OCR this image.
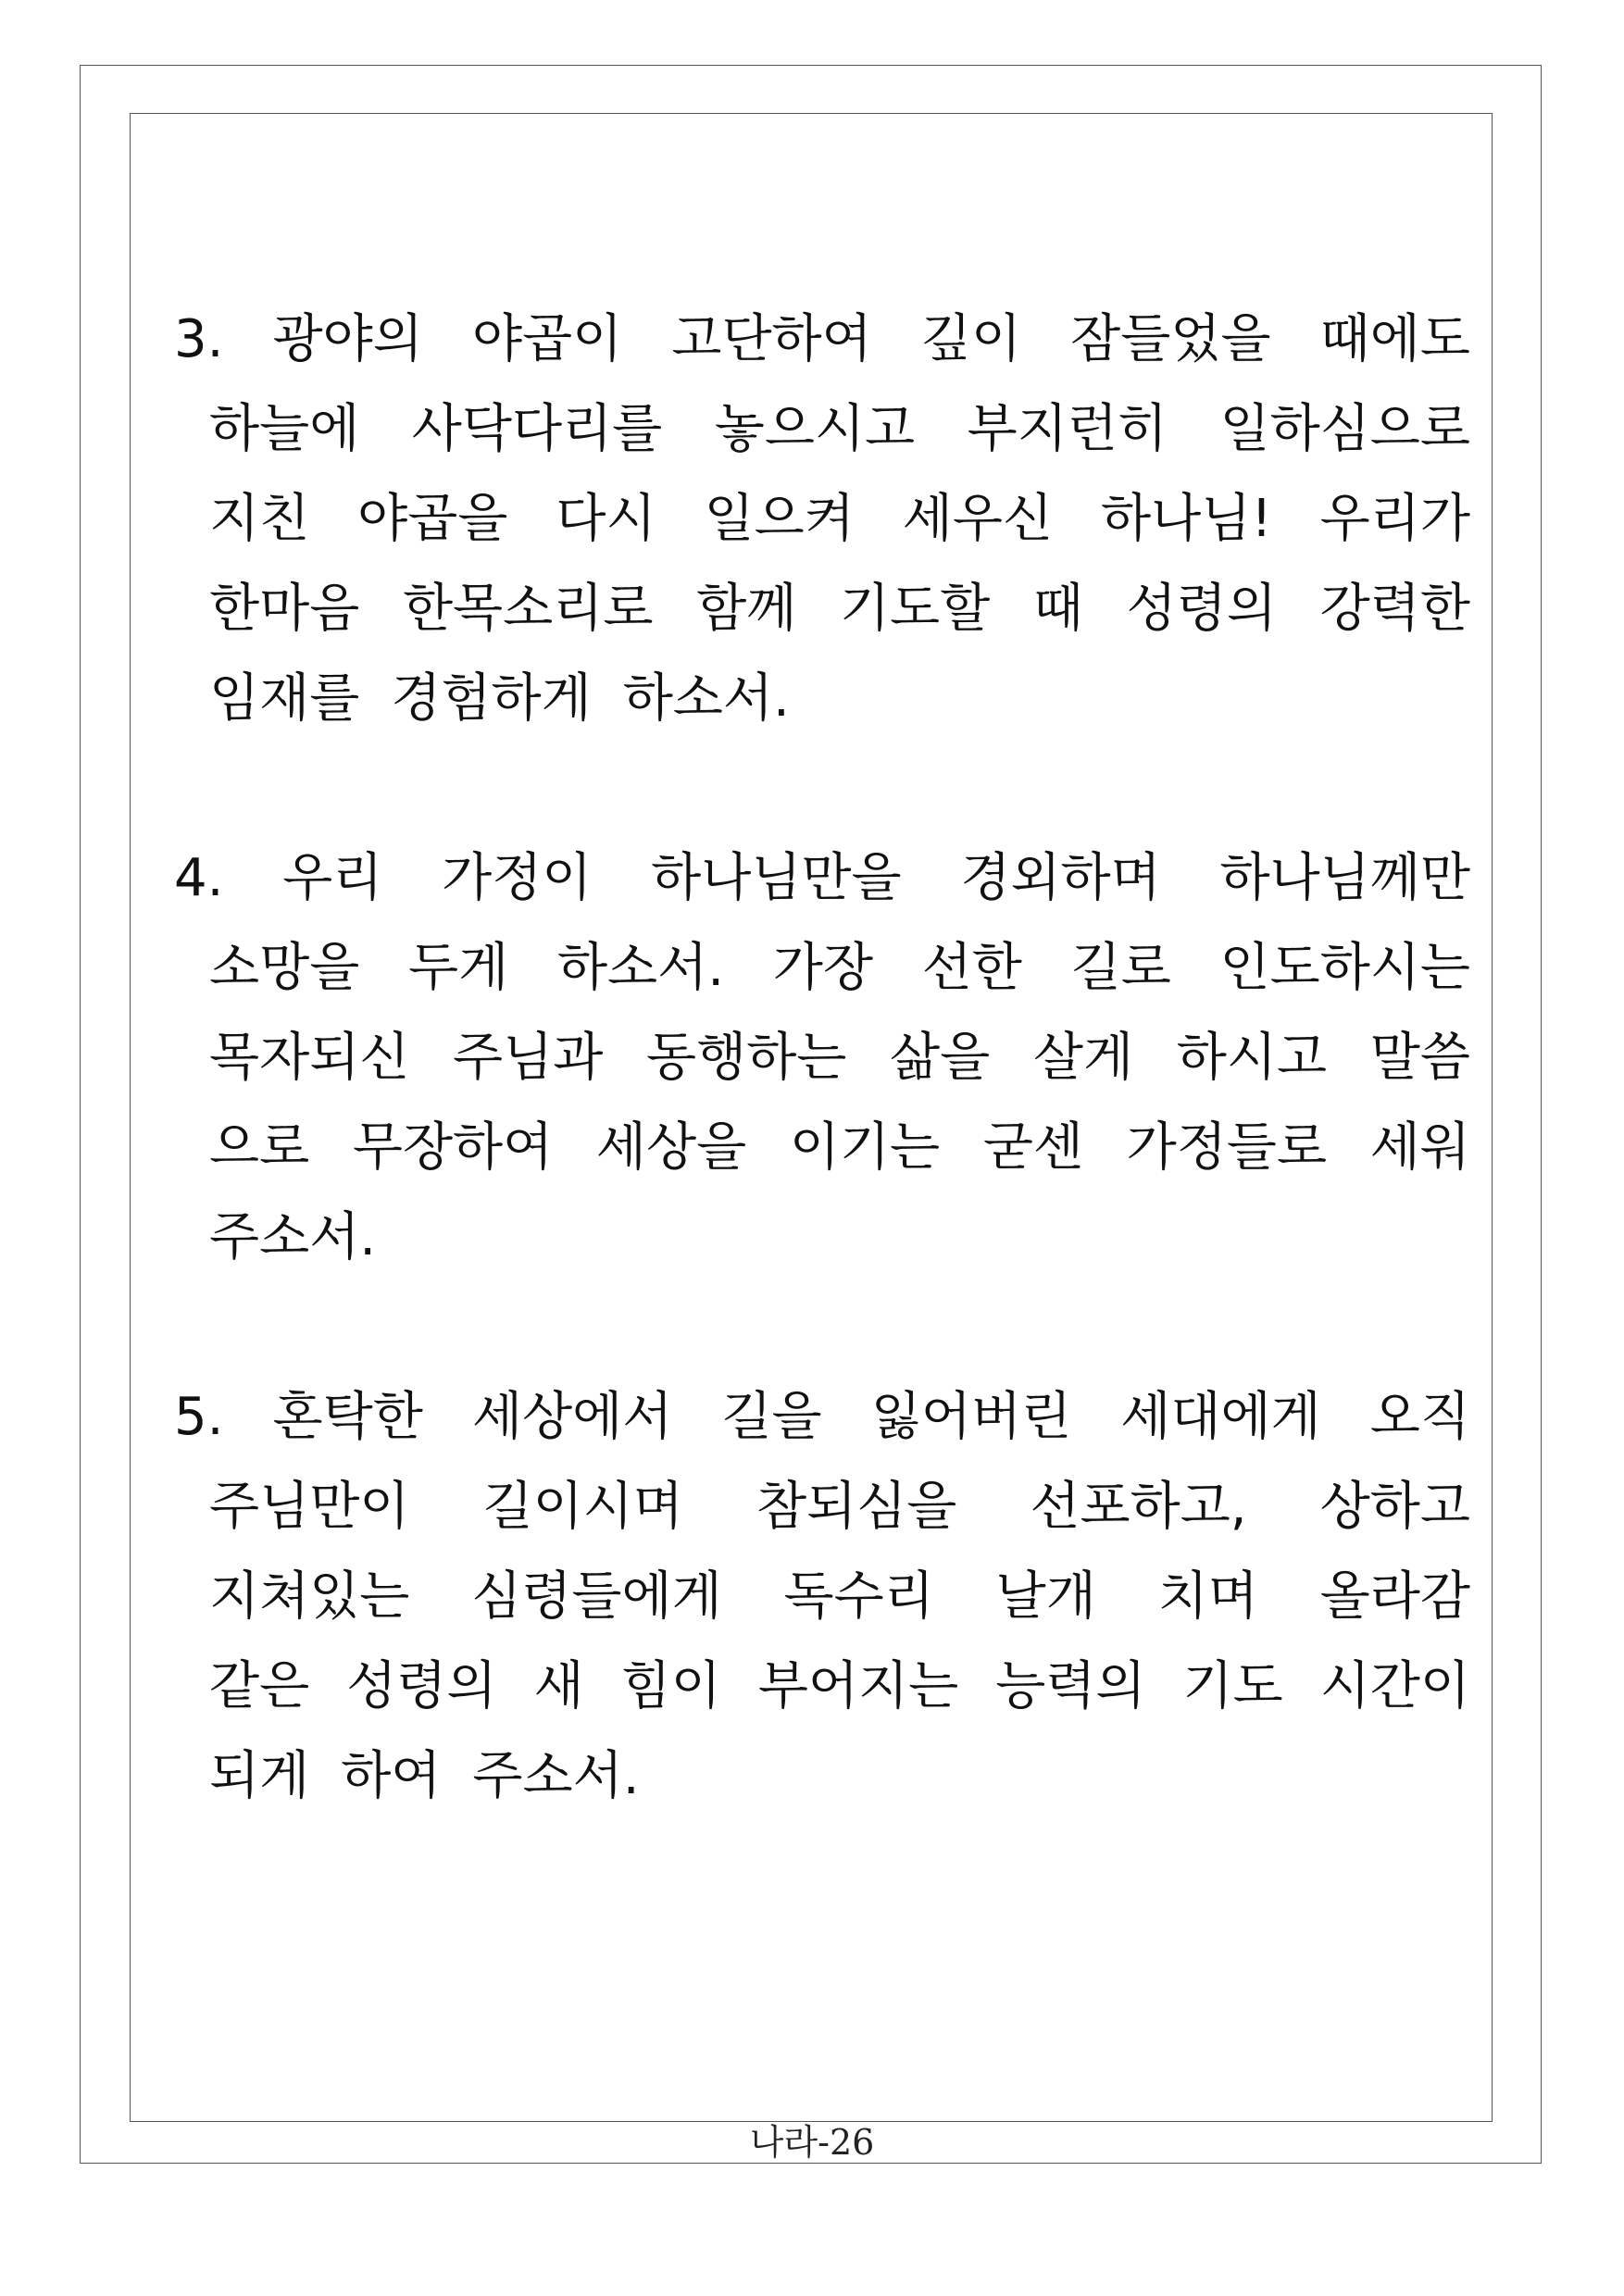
3. 광야의 야곱이 고단하여 깊이 잠들었을 때에도
하늘에 사닥다리를 놓으시고 부지런히 일하심으로
지친 야곱을 다시 일으켜 세우신 하나님! 우리가
한마음 한목소리로 함께 기도할 때 성령의 강력한
임재를 경험하게 하소서.
4. 우리 가정이 하나님만을 경외하며 하나님께만
소망을 두게 하소서. 가장 선한 길로 인도하시는
목자되신 주님과 동행하는 삶을 살게 하시고 말씀
으로 무장하여 세상을 이기는 굳센 가정들로 세워
주소서.
5. 혼탁한 세상에서 길을 잃어버린 세대에게 오직
주님만이 길이시며 참되심을 선포하고, 상하고
지쳐있는 심령들에게 독수리 날개 치며 올라감
같은 성령의 새 힘이 부어지는 능력의 기도 시간이
되게 하여 주소서.
나라-26
